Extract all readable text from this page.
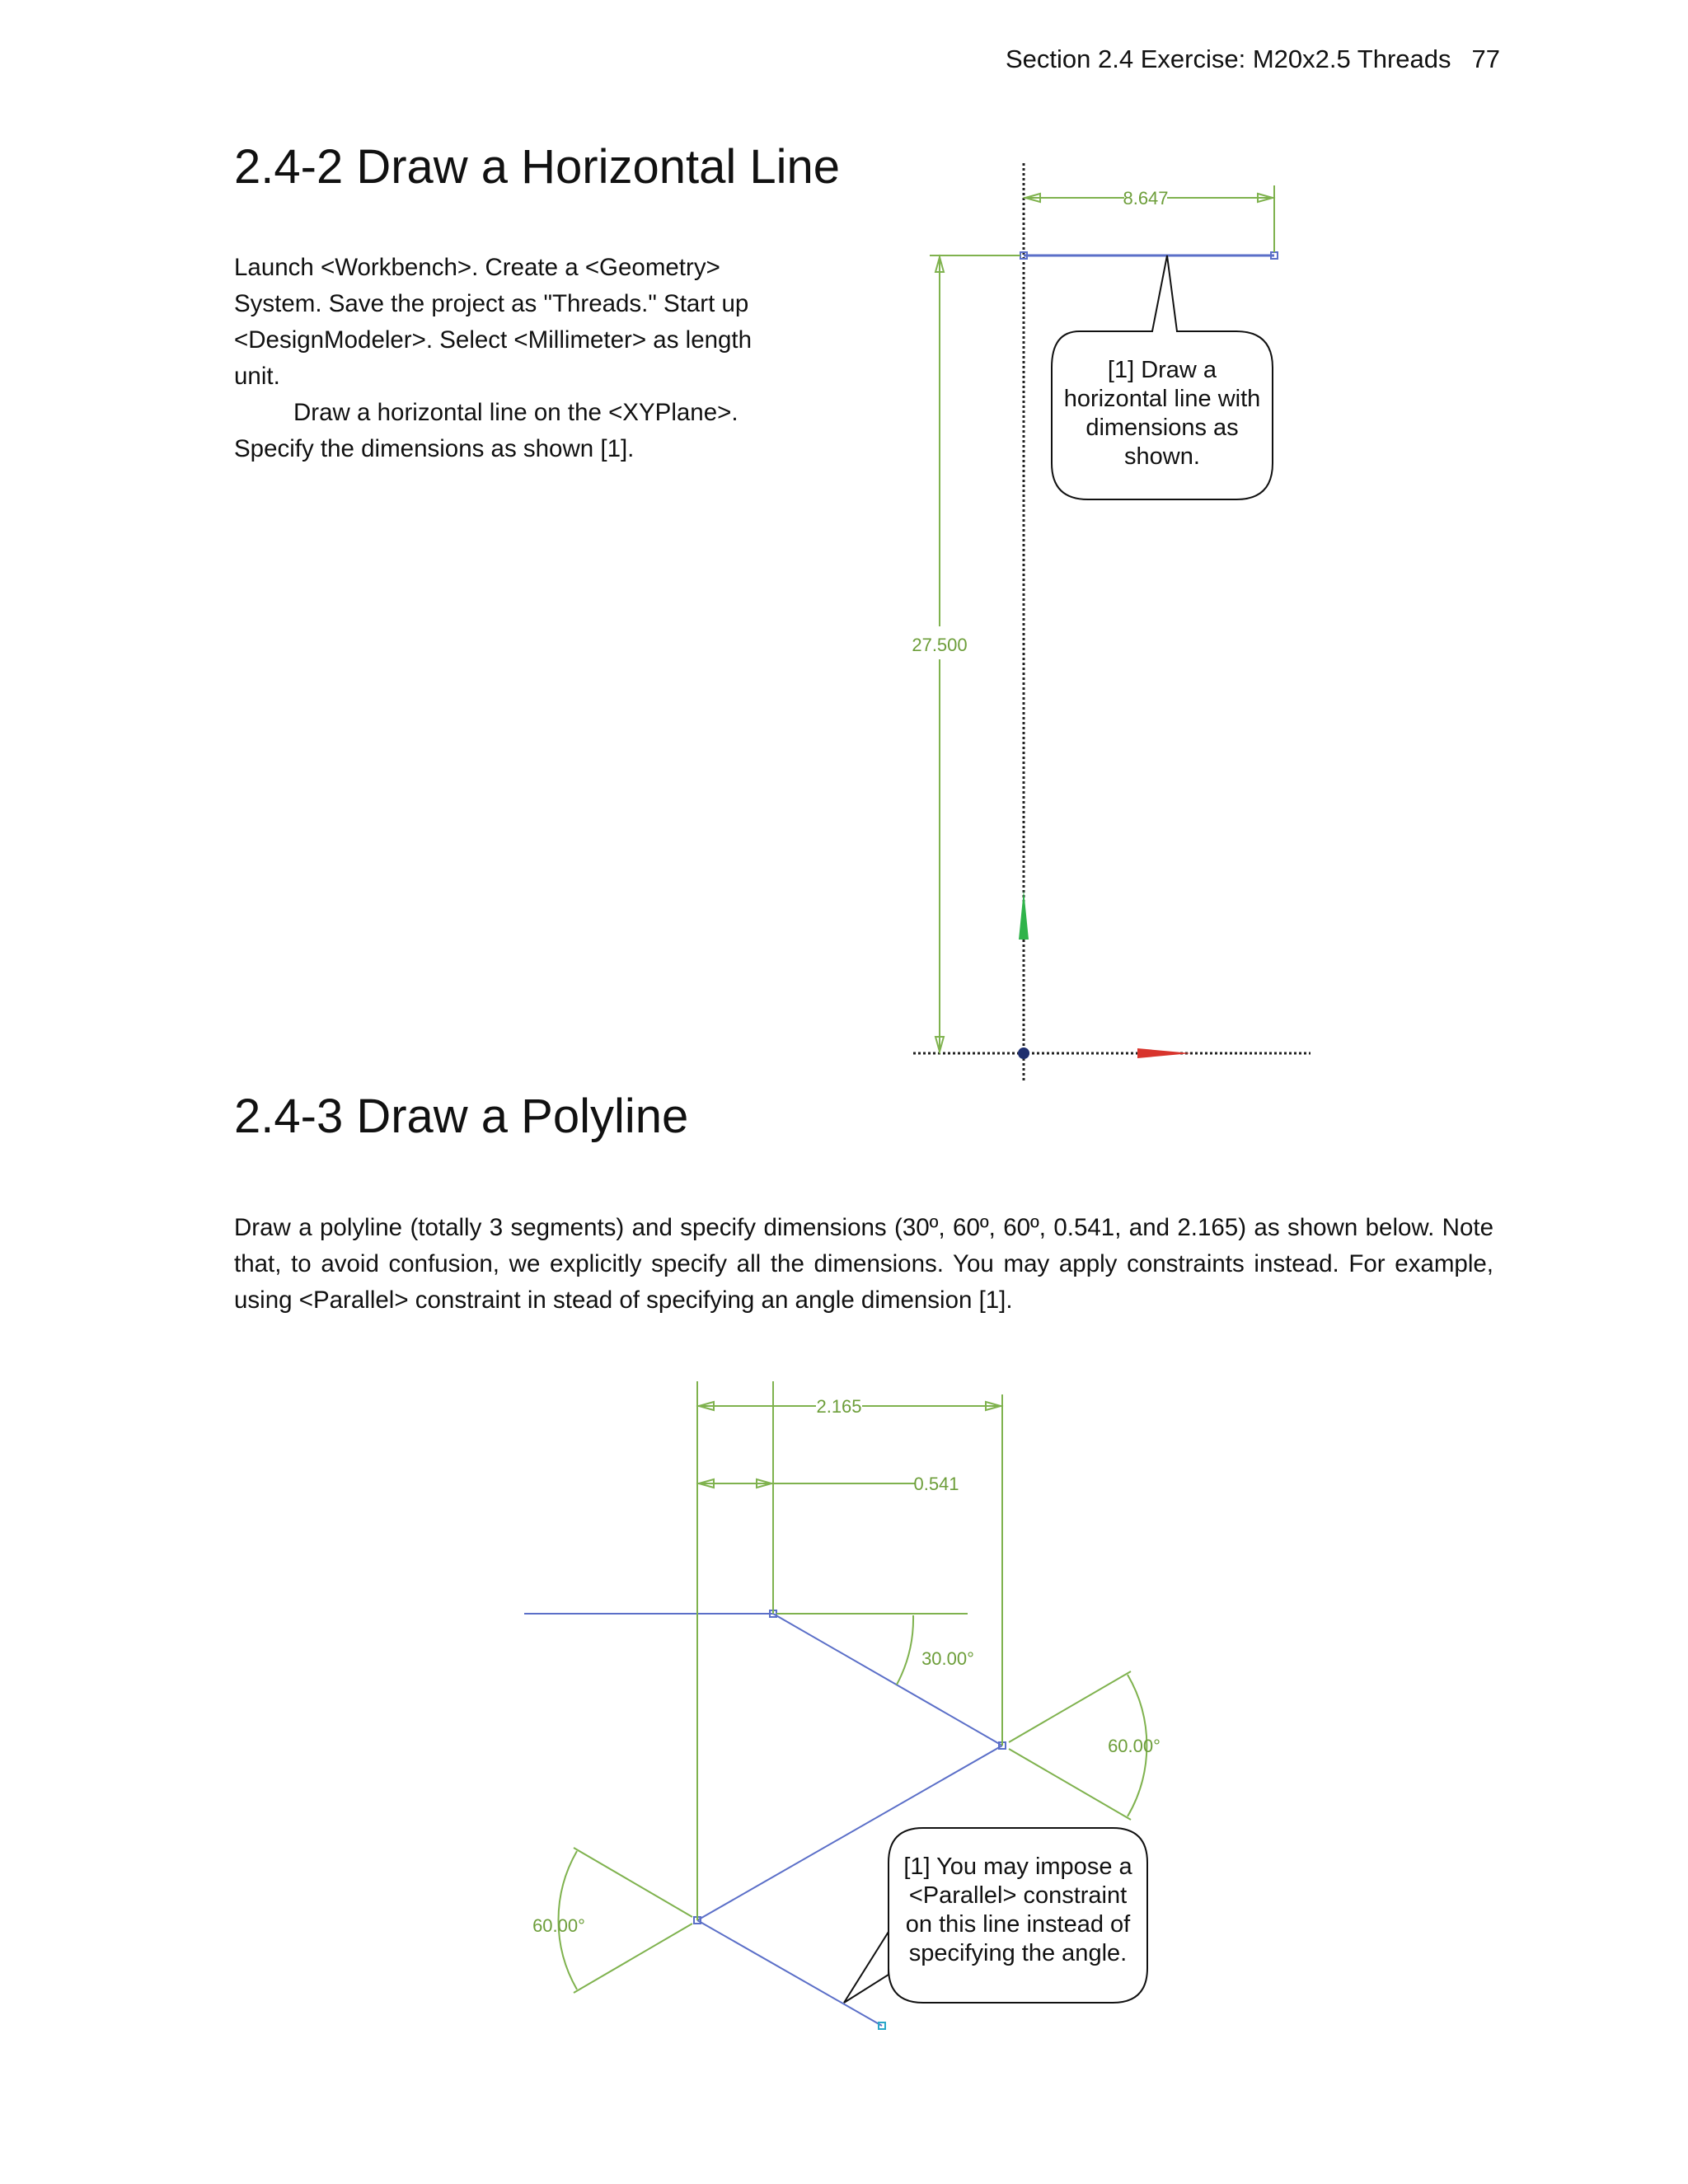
Section 2.4 Exercise: M20x2.5 Threads 77
2.4-2 Draw a Horizontal Line

Launch <Workbench>. Create a <Geometry> System. Save the project as "Threads." Start up <DesignModeler>. Select <Millimeter> as length unit.

Draw a horizontal line on the <XYPlane>. Specify the dimensions as shown [1].

8.647
27.500
[1] Draw a horizontal line with dimensions as shown.
2.4-3 Draw a Polyline

Draw a polyline (totally 3 segments) and specify dimensions (30º, 60º, 60º, 0.541, and 2.165) as shown below. Note that, to avoid confusion, we explicitly specify all the dimensions. You may apply constraints instead. For example, using <Parallel> constraint in stead of specifying an angle dimension [1].

2.165
0.541
30.00°
60.00°
60.00°
[1] You may impose a <Parallel> constraint on this line instead of specifying the angle.
